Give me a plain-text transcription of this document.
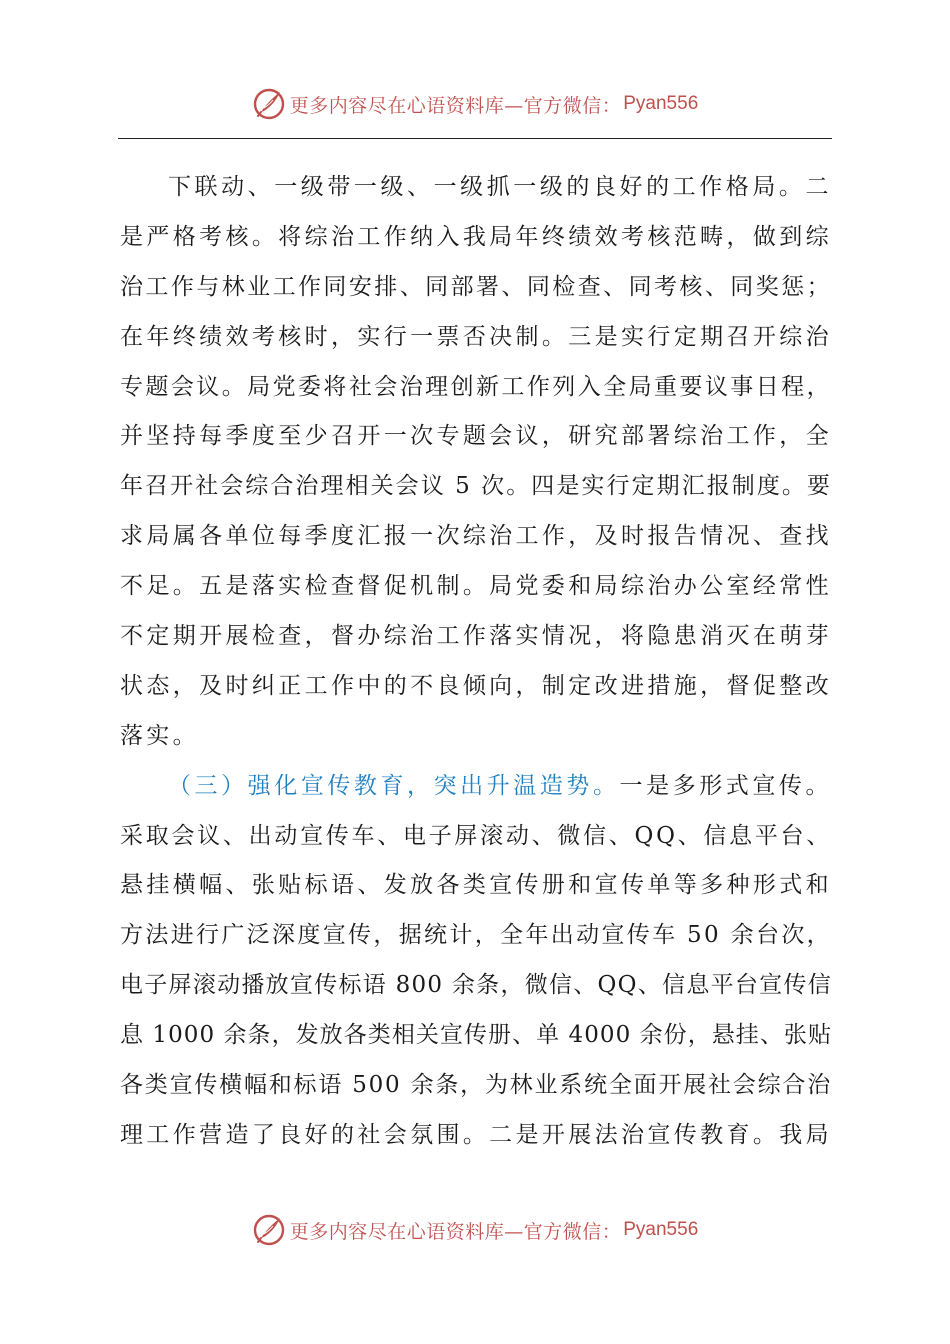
更多内容尽在心语资料库—官方微信： Pyan556
下联动、一级带一级、一级抓一级的良好的工作格局。二
是严格考核。将综治工作纳入我局年终绩效考核范畴，做到综
治工作与林业工作同安排、同部署、同检查、同考核、同奖惩；
在年终绩效考核时，实行一票否决制。三是实行定期召开综治
专题会议。局党委将社会治理创新工作列入全局重要议事日程，
并坚持每季度至少召开一次专题会议，研究部署综治工作，全
年召开社会综合治理相关会议 5 次。四是实行定期汇报制度。要
求局属各单位每季度汇报一次综治工作，及时报告情况、查找
不足。五是落实检查督促机制。局党委和局综治办公室经常性
不定期开展检查，督办综治工作落实情况，将隐患消灭在萌芽
状态，及时纠正工作中的不良倾向，制定改进措施，督促整改
落实。
（三）强化宣传教育，突出升温造势。一是多形式宣传。
采取会议、出动宣传车、电子屏滚动、微信、QQ、信息平台、
悬挂横幅、张贴标语、发放各类宣传册和宣传单等多种形式和
方法进行广泛深度宣传，据统计，全年出动宣传车 50 余台次，
电子屏滚动播放宣传标语 800 余条，微信、QQ、信息平台宣传信
息 1000 余条，发放各类相关宣传册、单 4000 余份，悬挂、张贴
各类宣传横幅和标语 500 余条，为林业系统全面开展社会综合治
理工作营造了良好的社会氛围。二是开展法治宣传教育。我局
更多内容尽在心语资料库—官方微信： Pyan556
